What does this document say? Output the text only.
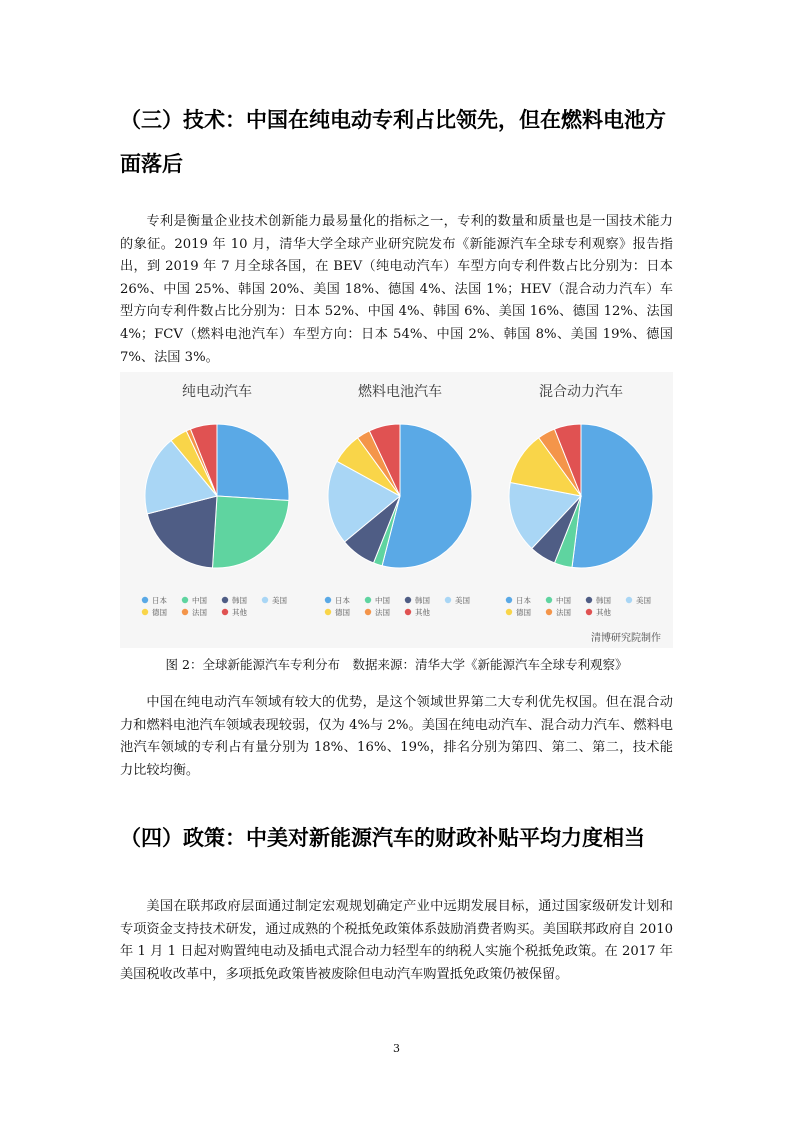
（三）技术：中国在纯电动专利占比领先，但在燃料电池方面落后
专利是衡量企业技术创新能力最易量化的指标之一，专利的数量和质量也是一国技术能力的象征。2019 年 10 月，清华大学全球产业研究院发布《新能源汽车全球专利观察》报告指出，到 2019 年 7 月全球各国，在 BEV（纯电动汽车）车型方向专利件数占比分别为：日本 26%、中国 25%、韩国 20%、美国 18%、德国 4%、法国 1%；HEV（混合动力汽车）车型方向专利件数占比分别为：日本 52%、中国 4%、韩国 6%、美国 16%、德国 12%、法国 4%；FCV（燃料电池汽车）车型方向：日本 54%、中国 2%、韩国 8%、美国 19%、德国 7%、法国 3%。
纯电动汽车
日本	中国	韩国	美国
德国	法国	其他
燃料电池汽车
日本	中国	韩国	美国
德国	法国	其他
混合动力汽车
日本	中国	韩国	美国
德国	法国	其他
清博研究院制作
图 2：全球新能源汽车专利分布　数据来源：清华大学《新能源汽车全球专利观察》
中国在纯电动汽车领域有较大的优势，是这个领域世界第二大专利优先权国。但在混合动力和燃料电池汽车领域表现较弱，仅为 4%与 2%。美国在纯电动汽车、混合动力汽车、燃料电池汽车领域的专利占有量分别为 18%、16%、19%，排名分别为第四、第二、第二，技术能力比较均衡。
（四）政策：中美对新能源汽车的财政补贴平均力度相当
美国在联邦政府层面通过制定宏观规划确定产业中远期发展目标，通过国家级研发计划和专项资金支持技术研发，通过成熟的个税抵免政策体系鼓励消费者购买。美国联邦政府自 2010 年 1 月 1 日起对购置纯电动及插电式混合动力轻型车的纳税人实施个税抵免政策。在 2017 年美国税收改革中，多项抵免政策皆被废除但电动汽车购置抵免政策仍被保留。
3
